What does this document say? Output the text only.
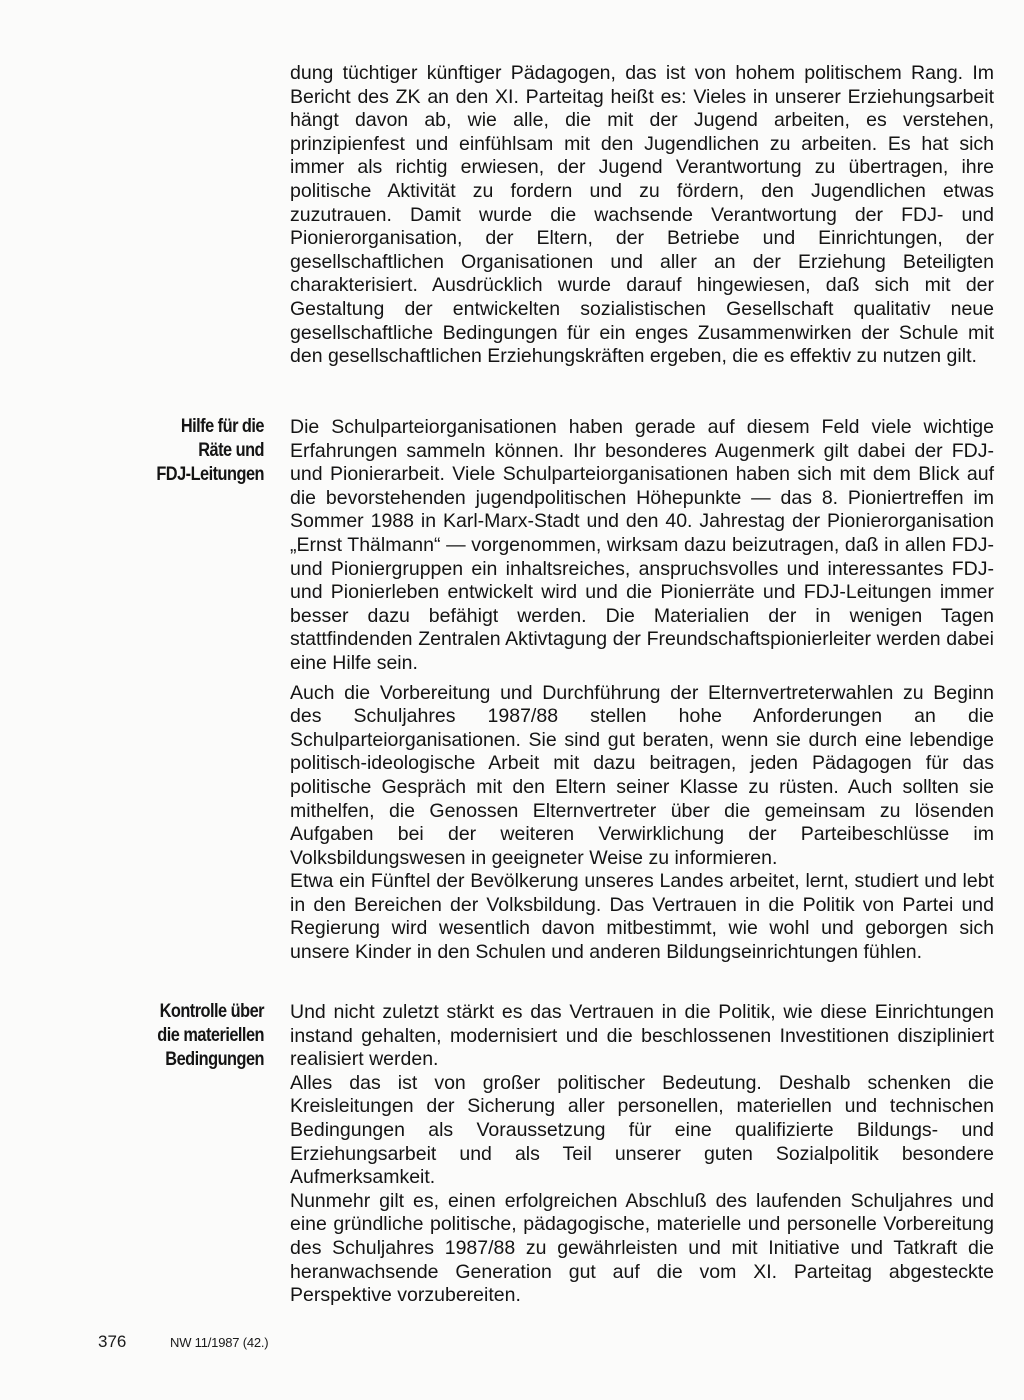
dung tüchtiger künftiger Pädagogen, das ist von hohem politischem Rang. Im Bericht des ZK an den XI. Parteitag heißt es: Vieles in unserer Erziehungsarbeit hängt davon ab, wie alle, die mit der Jugend arbeiten, es verstehen, prinzipienfest und einfühlsam mit den Jugendlichen zu arbeiten. Es hat sich immer als richtig erwiesen, der Jugend Verantwortung zu übertragen, ihre politische Aktivität zu fordern und zu fördern, den Jugendlichen etwas zuzutrauen. Damit wurde die wachsende Verantwortung der FDJ- und Pionierorganisation, der Eltern, der Betriebe und Einrichtungen, der gesellschaftlichen Organisationen und aller an der Erziehung Beteiligten charakterisiert. Ausdrücklich wurde darauf hingewiesen, daß sich mit der Gestaltung der entwickelten sozialistischen Gesellschaft qualitativ neue gesellschaftliche Bedingungen für ein enges Zusammenwirken der Schule mit den gesellschaftlichen Erziehungskräften ergeben, die es effektiv zu nutzen gilt.

Hilfe für die
Räte und
FDJ-Leitungen

Die Schulparteiorganisationen haben gerade auf diesem Feld viele wichtige Erfahrungen sammeln können. Ihr besonderes Augenmerk gilt dabei der FDJ- und Pionierarbeit. Viele Schulparteiorganisationen haben sich mit dem Blick auf die bevorstehenden jugendpolitischen Höhepunkte — das 8. Pioniertreffen im Sommer 1988 in Karl-Marx-Stadt und den 40. Jahrestag der Pionierorganisation „Ernst Thälmann“ — vorgenommen, wirksam dazu beizutragen, daß in allen FDJ- und Pioniergruppen ein inhaltsreiches, anspruchsvolles und interessantes FDJ- und Pionierleben entwickelt wird und die Pionierräte und FDJ-Leitungen immer besser dazu befähigt werden. Die Materialien der in wenigen Tagen stattfindenden Zentralen Aktivtagung der Freundschaftspionierleiter werden dabei eine Hilfe sein.

Auch die Vorbereitung und Durchführung der Elternvertreterwahlen zu Beginn des Schuljahres 1987/88 stellen hohe Anforderungen an die Schulparteiorganisationen. Sie sind gut beraten, wenn sie durch eine lebendige politisch-ideologische Arbeit mit dazu beitragen, jeden Pädagogen für das politische Gespräch mit den Eltern seiner Klasse zu rüsten. Auch sollten sie mithelfen, die Genossen Elternvertreter über die gemeinsam zu lösenden Aufgaben bei der weiteren Verwirklichung der Parteibeschlüsse im Volksbildungswesen in geeigneter Weise zu informieren.

Etwa ein Fünftel der Bevölkerung unseres Landes arbeitet, lernt, studiert und lebt in den Bereichen der Volksbildung. Das Vertrauen in die Politik von Partei und Regierung wird wesentlich davon mitbestimmt, wie wohl und geborgen sich unsere Kinder in den Schulen und anderen Bildungseinrichtungen fühlen.

Kontrolle über
die materiellen
Bedingungen

Und nicht zuletzt stärkt es das Vertrauen in die Politik, wie diese Einrichtungen instand gehalten, modernisiert und die beschlossenen Investitionen diszipliniert realisiert werden.

Alles das ist von großer politischer Bedeutung. Deshalb schenken die Kreisleitungen der Sicherung aller personellen, materiellen und technischen Bedingungen als Voraussetzung für eine qualifizierte Bildungs- und Erziehungsarbeit und als Teil unserer guten Sozialpolitik besondere Aufmerksamkeit.

Nunmehr gilt es, einen erfolgreichen Abschluß des laufenden Schuljahres und eine gründliche politische, pädagogische, materielle und personelle Vorbereitung des Schuljahres 1987/88 zu gewährleisten und mit Initiative und Tatkraft die heranwachsende Generation gut auf die vom XI. Parteitag abgesteckte Perspektive vorzubereiten.

376	NW 11/1987 (42.)
